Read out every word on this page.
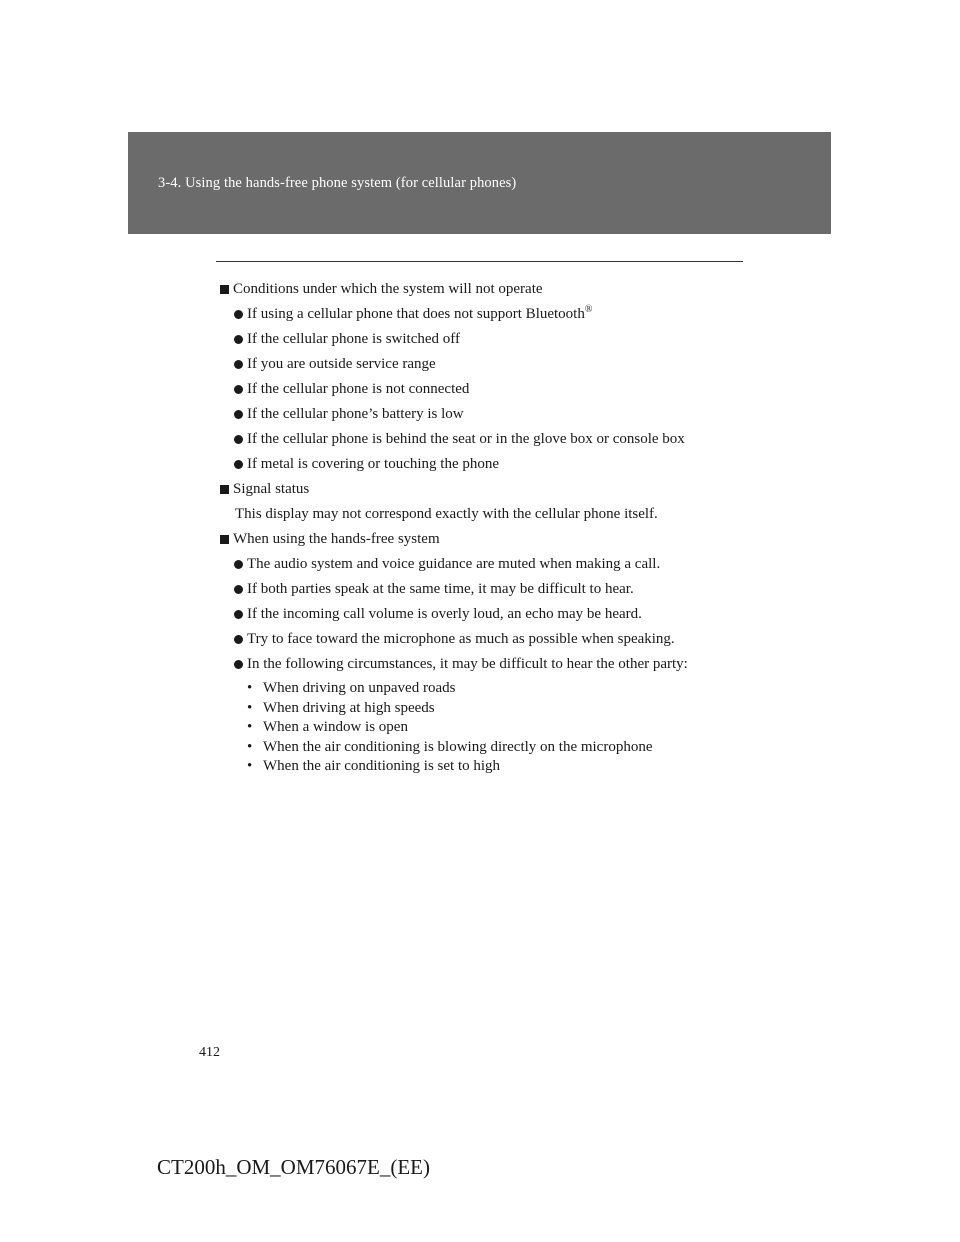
3-4. Using the hands-free phone system (for cellular phones)
Conditions under which the system will not operate
If using a cellular phone that does not support Bluetooth®
If the cellular phone is switched off
If you are outside service range
If the cellular phone is not connected
If the cellular phone’s battery is low
If the cellular phone is behind the seat or in the glove box or console box
If metal is covering or touching the phone
Signal status
This display may not correspond exactly with the cellular phone itself.
When using the hands-free system
The audio system and voice guidance are muted when making a call.
If both parties speak at the same time, it may be difficult to hear.
If the incoming call volume is overly loud, an echo may be heard.
Try to face toward the microphone as much as possible when speaking.
In the following circumstances, it may be difficult to hear the other party:
• When driving on unpaved roads
• When driving at high speeds
• When a window is open
• When the air conditioning is blowing directly on the microphone
• When the air conditioning is set to high
412
CT200h_OM_OM76067E_(EE)
